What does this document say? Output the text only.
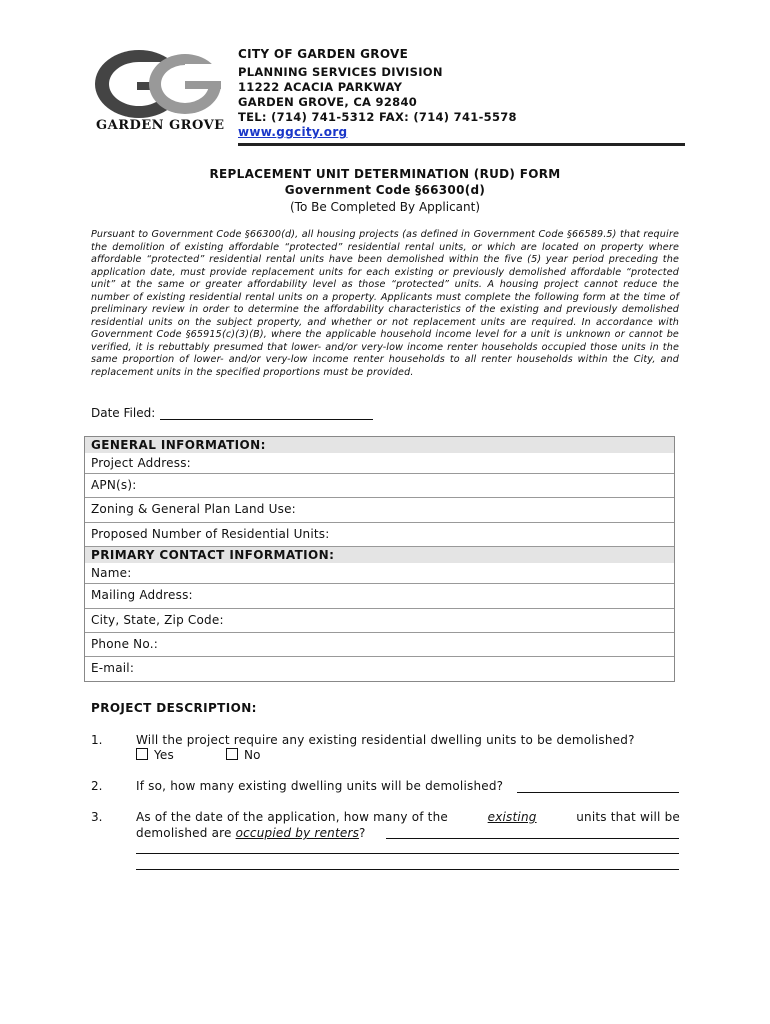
GARDEN GROVE
CITY OF GARDEN GROVE
PLANNING SERVICES DIVISION
11222 ACACIA PARKWAY
GARDEN GROVE, CA 92840
TEL: (714) 741-5312 FAX: (714) 741-5578
www.ggcity.org
REPLACEMENT UNIT DETERMINATION (RUD) FORM
Government Code §66300(d)
(To Be Completed By Applicant)
Pursuant to Government Code §66300(d), all housing projects (as defined in Government Code §66589.5) that require the demolition of existing affordable “protected” residential rental units, or which are located on property where affordable “protected” residential rental units have been demolished within the five (5) year period preceding the application date, must provide replacement units for each existing or previously demolished affordable “protected unit” at the same or greater affordability level as those “protected” units. A housing project cannot reduce the number of existing residential rental units on a property. Applicants must complete the following form at the time of preliminary review in order to determine the affordability characteristics of the existing and previously demolished residential units on the subject property, and whether or not replacement units are required. In accordance with Government Code §65915(c)(3)(B), where the applicable household income level for a unit is unknown or cannot be verified, it is rebuttably presumed that lower- and/or very-low income renter households occupied those units in the same proportion of lower- and/or very-low income renter households to all renter households within the City, and replacement units in the specified proportions must be provided.
Date Filed:
GENERAL INFORMATION:
Project Address:
APN(s):
Zoning & General Plan Land Use:
Proposed Number of Residential Units:
PRIMARY CONTACT INFORMATION:
Name:
Mailing Address:
City, State, Zip Code:
Phone No.:
E-mail:
PROJECT DESCRIPTION:
1.	Will the project require any existing residential dwelling units to be demolished?
Yes	No
2.	If so, how many existing dwelling units will be demolished?
3.	As of the date of the application, how many of the	existing	units that will be
demolished are occupied by renters?
